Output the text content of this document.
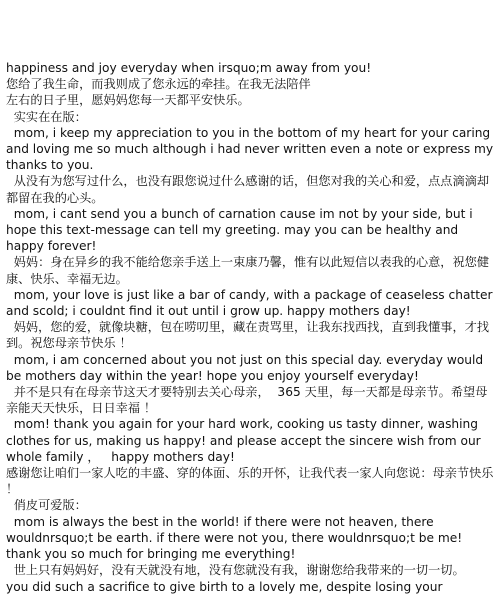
happiness and joy everyday when irsquo;m away from you!

您给了我生命，而我则成了您永远的牵挂。在我无法陪伴

左右的日子里，愿妈妈您每一天都平安快乐。

实实在在版：

mom, i keep my appreciation to you in the bottom of my heart for your caring and loving me so much although i had never written even a note or express my thanks to you.

从没有为您写过什么，也没有跟您说过什么感谢的话，但您对我的关心和爱，点点滴滴却都留在我的心头。

mom, i cant send you a bunch of carnation cause im not by your side, but i hope this text-message can tell my greeting. may you can be healthy and happy forever!

妈妈：身在异乡的我不能给您亲手送上一束康乃馨，惟有以此短信以表我的心意，祝您健康、快乐、幸福无边。

mom, your love is just like a bar of candy, with a package of ceaseless chatter and scold; i couldnt find it out until i grow up. happy mothers day!

妈妈，您的爱，就像块糖，包在唠叨里，藏在责骂里，让我东找西找，直到我懂事，才找到。祝您母亲节快乐 ！

mom, i am concerned about you not just on this special day. everyday would be mothers day within the year! hope you enjoy yourself everyday!

并不是只有在母亲节这天才要特别去关心母亲，  365 天里，每一天都是母亲节。希望母亲能天天快乐，日日幸福 ！

mom! thank you again for your hard work, cooking us tasty dinner, washing clothes for us, making us happy! and please accept the sincere wish from our whole family ，   happy mothers day!

感谢您让咱们一家人吃的丰盛、穿的体面、乐的开怀，让我代表一家人向您说：母亲节快乐 ！

俏皮可爱版：

mom is always the best in the world! if there were not heaven, there wouldnrsquo;t be earth. if there were not you, there wouldnrsquo;t be me! thank you so much for bringing me everything!

世上只有妈妈好，没有天就没有地，没有您就没有我，谢谢您给我带来的一切一切。

you did such a sacrifice to give birth to a lovely me, despite losing your
